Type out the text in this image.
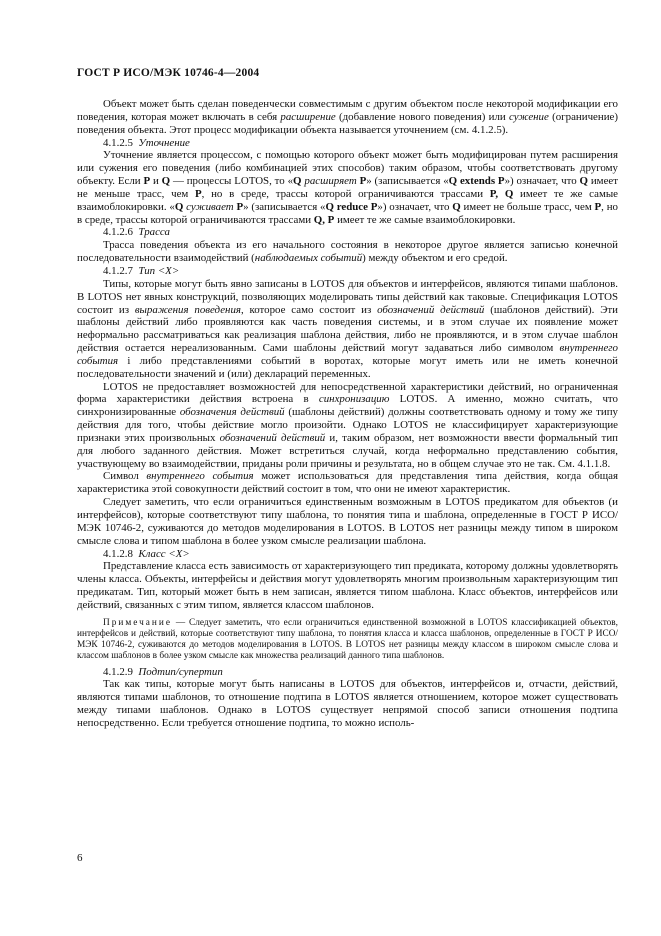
ГОСТ Р ИСО/МЭК 10746-4—2004

Объект может быть сделан поведенчески совместимым с другим объектом после некоторой модификации его поведения, которая может включать в себя расширение (добавление нового поведения) или сужение (ограничение) поведения объекта. Этот процесс модификации объекта называется уточнением (см. 4.1.2.5).

4.1.2.5 Уточнение

Уточнение является процессом, с помощью которого объект может быть модифицирован путем расширения или сужения его поведения (либо комбинацией этих способов) таким образом, чтобы соответствовать другому объекту. Если P и Q — процессы LOTOS, то «Q расширяет P» (записывается «Q extends P») означает, что Q имеет не меньше трасс, чем P, но в среде, трассы которой ограничиваются трассами P, Q имеет те же самые взаимоблокировки. «Q суживает P» (записывается «Q reduce P») означает, что Q имеет не больше трасс, чем P, но в среде, трассы которой ограничиваются трассами Q, P имеет те же самые взаимоблокировки.

4.1.2.6 Трасса

Трасса поведения объекта из его начального состояния в некоторое другое является записью конечной последовательности взаимодействий (наблюдаемых событий) между объектом и его средой.

4.1.2.7 Тип <X>

Типы, которые могут быть явно записаны в LOTOS для объектов и интерфейсов, являются типами шаблонов. В LOTOS нет явных конструкций, позволяющих моделировать типы действий как таковые. Спецификация LOTOS состоит из выражения поведения, которое само состоит из обозначений действий (шаблонов действий). Эти шаблоны действий либо проявляются как часть поведения системы, и в этом случае их появление может неформально рассматриваться как реализация шаблона действия, либо не проявляются, и в этом случае шаблон действия остается нереализованным. Сами шаблоны действий могут задаваться либо символом внутреннего события i либо представлениями событий в воротах, которые могут иметь или не иметь конечной последовательности значений и (или) деклараций переменных.

LOTOS не предоставляет возможностей для непосредственной характеристики действий, но ограниченная форма характеристики действия встроена в синхронизацию LOTOS. А именно, можно считать, что синхронизированные обозначения действий (шаблоны действий) должны соответствовать одному и тому же типу действия для того, чтобы действие могло произойти. Однако LOTOS не классифицирует характеризующие признаки этих произвольных обозначений действий и, таким образом, нет возможности ввести формальный тип для любого заданного действия. Может встретиться случай, когда неформально представлению события, участвующему во взаимодействии, приданы роли причины и результата, но в общем случае это не так. См. 4.1.1.8.

Символ внутреннего события может использоваться для представления типа действия, когда общая характеристика этой совокупности действий состоит в том, что они не имеют характеристик.

Следует заметить, что если ограничиться единственным возможным в LOTOS предикатом для объектов (и интерфейсов), которые соответствуют типу шаблона, то понятия типа и шаблона, определенные в ГОСТ Р ИСО/МЭК 10746-2, суживаются до методов моделирования в LOTOS. В LOTOS нет разницы между типом в широком смысле слова и типом шаблона в более узком смысле реализации шаблона.

4.1.2.8 Класс <X>

Представление класса есть зависимость от характеризующего тип предиката, которому должны удовлетворять члены класса. Объекты, интерфейсы и действия могут удовлетворять многим произвольным характеризующим тип предикатам. Тип, который может быть в нем записан, является типом шаблона. Класс объектов, интерфейсов или действий, связанных с этим типом, является классом шаблонов.

Примечание — Следует заметить, что если ограничиться единственной возможной в LOTOS классификацией объектов, интерфейсов и действий, которые соответствуют типу шаблона, то понятия класса и класса шаблонов, определенные в ГОСТ Р ИСО/МЭК 10746-2, суживаются до методов моделирования в LOTOS. В LOTOS нет разницы между классом в широком смысле слова и классом шаблонов в более узком смысле как множества реализаций данного типа шаблонов.

4.1.2.9 Подтип/супертип

Так как типы, которые могут быть написаны в LOTOS для объектов, интерфейсов и, отчасти, действий, являются типами шаблонов, то отношение подтипа в LOTOS является отношением, которое может существовать между типами шаблонов. Однако в LOTOS существует непрямой способ записи отношения подтипа непосредственно. Если требуется отношение подтипа, то можно исполь-

6
